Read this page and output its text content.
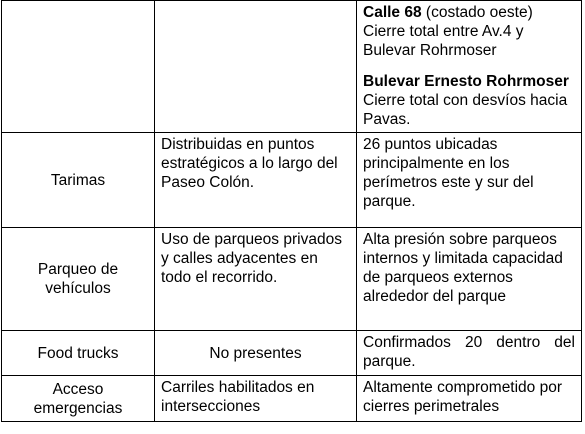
		Calle 68 (costado oeste) Cierre total entre Av.4 y Bulevar Rohrmoser

Bulevar Ernesto Rohrmoser Cierre total con desvíos hacia Pavas.

Tarimas	Distribuidas en puntos estratégicos a lo largo del Paseo Colón.	26 puntos ubicadas principalmente en los perímetros este y sur del parque.
Parqueo de vehículos	Uso de parqueos privados y calles adyacentes en todo el recorrido.	Alta presión sobre parqueos internos y limitada capacidad de parqueos externos alrededor del parque
Food trucks	No presentes	Confirmados 20 dentro del parque.
Acceso emergencias	Carriles habilitados en intersecciones	Altamente comprometido por cierres perimetrales
